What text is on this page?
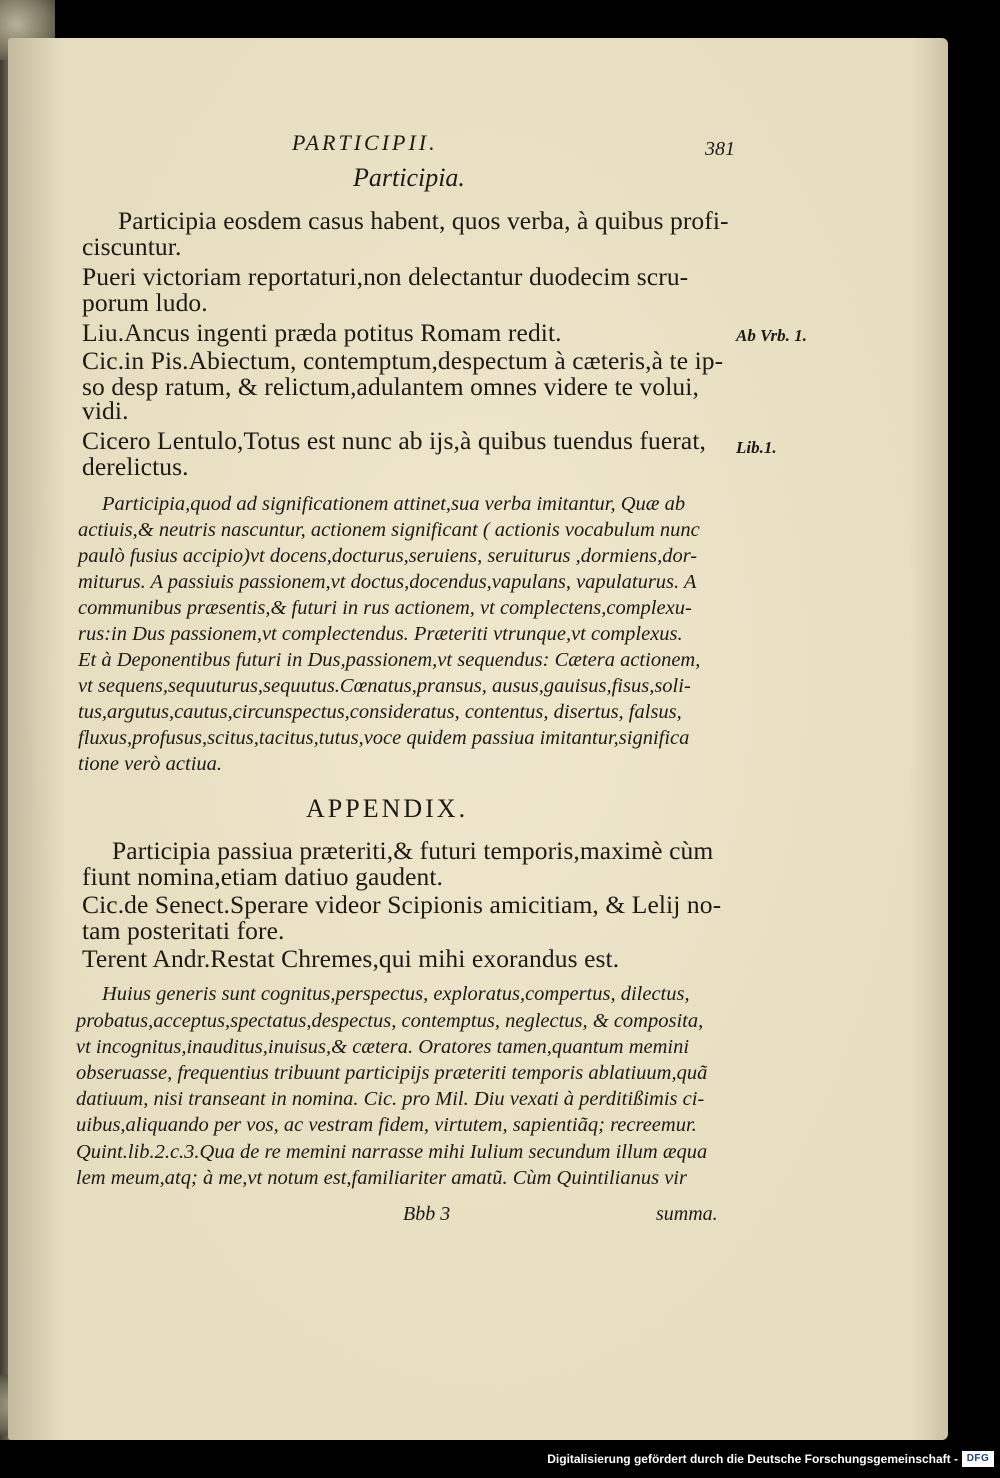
PARTICIPII.	381
Participia.
Participia eosdem casus habent, quos verba, à quibus profi-
ciscuntur.
Pueri victoriam reportaturi,non delectantur duodecim scru-
porum ludo.
Liu.Ancus ingenti præda potitus Romam redit.	Ab Vrb. 1.
Cic.in Pis.Abiectum, contemptum,despectum à cæteris,à te ip-
so desp ratum, & relictum,adulantem omnes videre te volui,
vidi.
Cicero Lentulo,Totus est nunc ab ijs,à quibus tuendus fuerat, Lib.1.
derelictus.
Participia,quod ad significationem attinet,sua verba imitantur, Quæ ab
actiuis,& neutris nascuntur, actionem significant ( actionis vocabulum nunc
paulò fusius accipio)vt docens,docturus,seruiens, seruiturus ,dormiens,dor-
miturus. A passiuis passionem,vt doctus,docendus,vapulans, vapulaturus. A
communibus præsentis,& futuri in rus actionem, vt complectens,complexu-
rus:in Dus passionem,vt complectendus. Præteriti vtrunque,vt complexus.
Et à Deponentibus futuri in Dus,passionem,vt sequendus: Cætera actionem,
vt sequens,sequuturus,sequutus.Cœnatus,pransus, ausus,gauisus,fisus,soli-
tus,argutus,cautus,circunspectus,consideratus, contentus, disertus, falsus,
fluxus,profusus,scitus,tacitus,tutus,voce quidem passiua imitantur,significa
tione verò actiua.
APPENDIX.
Participia passiua præteriti,& futuri temporis,maximè cùm
fiunt nomina,etiam datiuo gaudent.
Cic.de Senect.Sperare videor Scipionis amicitiam, & Lelij no-
tam posteritati fore.
Terent Andr.Restat Chremes,qui mihi exorandus est.
Huius generis sunt cognitus,perspectus, exploratus,compertus, dilectus,
probatus,acceptus,spectatus,despectus, contemptus, neglectus, & composita,
vt incognitus,inauditus,inuisus,& cætera. Oratores tamen,quantum memini
obseruasse, frequentius tribuunt participijs præteriti temporis ablatiuum,quã
datiuum, nisi transeant in nomina. Cic. pro Mil. Diu vexati à perditißimis ci-
uibus,aliquando per vos, ac vestram fidem, virtutem, sapientiãq; recreemur.
Quint.lib.2.c.3.Qua de re memini narrasse mihi Iulium secundum illum æqua
lem meum,atq; à me,vt notum est,familiariter amatũ. Cùm Quintilianus vir
Bbb 3	summa.
Digitalisierung gefördert durch die Deutsche Forschungsgemeinschaft - DFG
